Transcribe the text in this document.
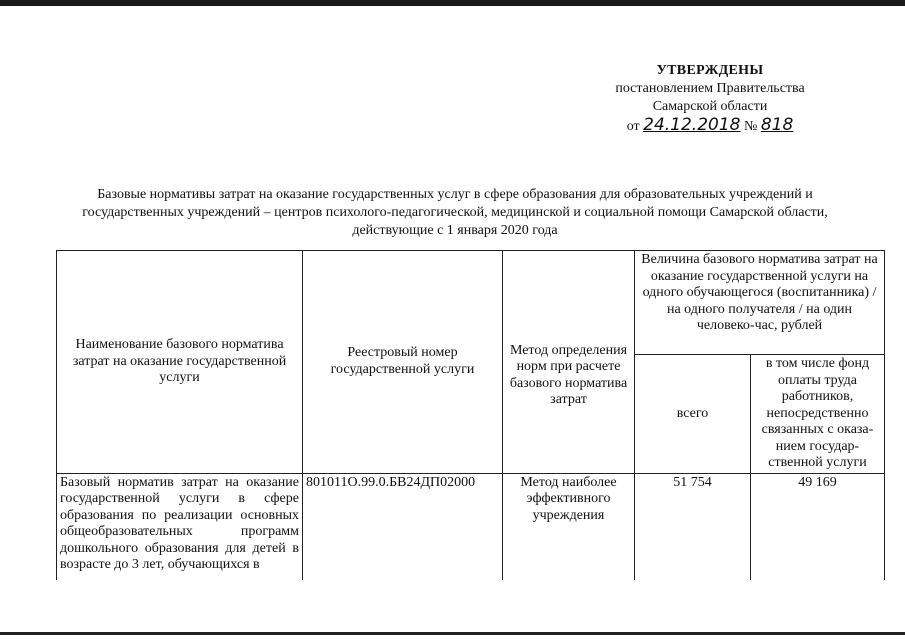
УТВЕРЖДЕНЫ
постановлением Правительства
Самарской области
от 24.12.2018 № 818
Базовые нормативы затрат на оказание государственных услуг в сфере образования для образовательных учреждений и государственных учреждений – центров психолого-педагогической, медицинской и социальной помощи Самарской области, действующие с 1 января 2020 года
Наименование базового норматива затрат на оказание государственной услуги	Реестровый номер государственной услуги	Метод определения норм при расчете базового норматива затрат	Величина базового норматива затрат на оказание государственной услуги на одного обучающегося (воспитанника) / на одного получателя / на один человеко-час, рублей	
			всего	в том числе фонд оплаты труда работников, непосредственно связанных с оказа-нием государ-ственной услуги

Базовый норматив затрат на оказание государственной услуги в сфере образования по реализации основных общеобразовательных программ дошкольного образования для детей в возрасте до 3 лет, обучающихся в	801011О.99.0.БВ24ДП02000	Метод наиболее эффективного учреждения	51 754	49 169
